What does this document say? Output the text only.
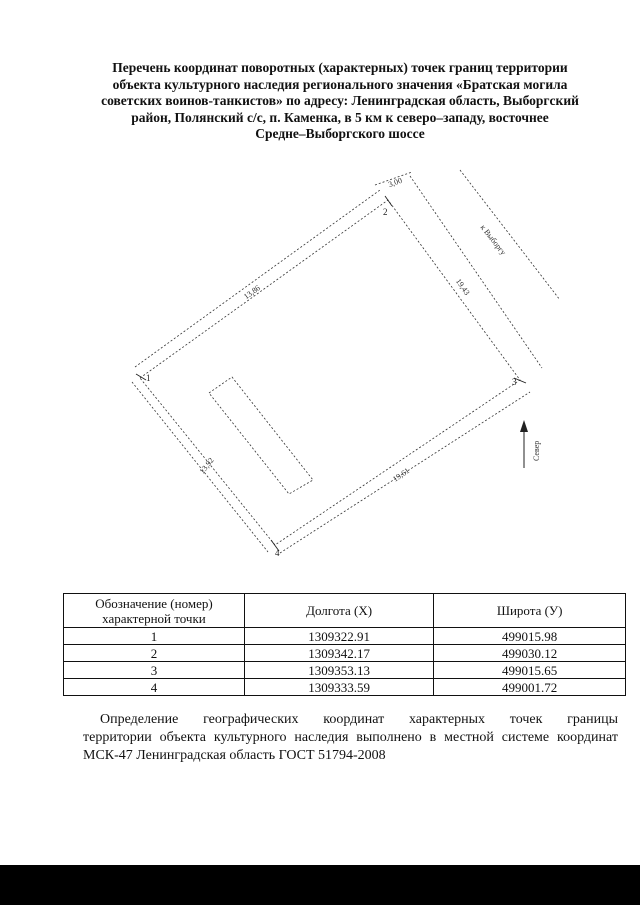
Перечень координат поворотных (характерных) точек границ территории
объекта культурного наследия регионального значения «Братская могила
советских воинов-танкистов» по адресу: Ленинградская область, Выборгский
район, Полянский с/с, п. Каменка, в 5 км к северо–западу, восточнее
Средне–Выборгского шоссе
1
2
3
4
3,00
13,86	19,43
13,92	19,61
к Выборгу
Север
Обозначение (номер)
характерной точки	Долгота (Х)	Широта (У)
1	1309322.91	499015.98
2	1309342.17	499030.12
3	1309353.13	499015.65
4	1309333.59	499001.72
Определение географических координат характерных точек границы
территории объекта культурного наследия выполнено в местной системе координат
МСК-47 Ленинградская область ГОСТ 51794-2008
